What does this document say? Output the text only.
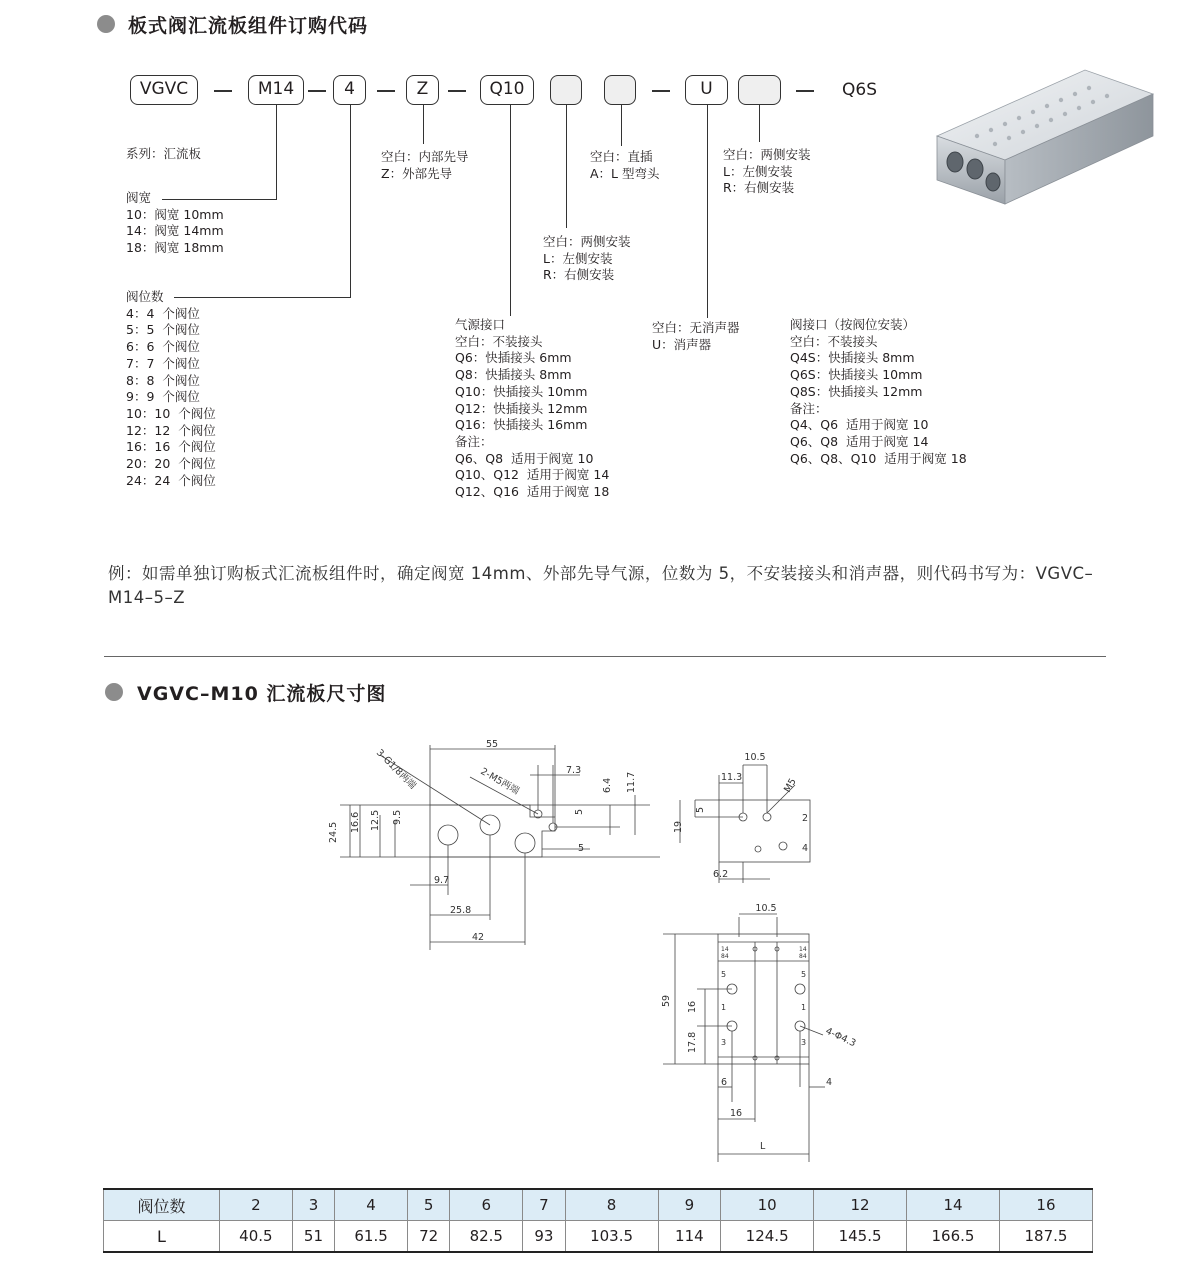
板式阀汇流板组件订购代码
VGVC	M14	4	Z	Q10	U	Q6S
系列：汇流板	空白：内部先导
Z：外部先导
空白：直插
A：L 型弯头
空白：两侧安装
L：左侧安装
R：右侧安装
阀宽
10：阀宽 10mm
14：阀宽 14mm
18：阀宽 18mm	空白：两侧安装
L：左侧安装
R：右侧安装
阀位数
4：4  个阀位
5：5  个阀位
6：6  个阀位
7：7  个阀位
8：8  个阀位
9：9  个阀位
10：10  个阀位
12：12  个阀位
16：16  个阀位
20：20  个阀位
24：24  个阀位
气源接口
空白：不装接头
Q6：快插接头 6mm
Q8：快插接头 8mm
Q10：快插接头 10mm
Q12：快插接头 12mm
Q16：快插接头 16mm
备注：
Q6、Q8  适用于阀宽 10
Q10、Q12  适用于阀宽 14
Q12、Q16  适用于阀宽 18
空白：无消声器
U：消声器
阀接口（按阀位安装）
空白：不装接头
Q4S：快插接头 8mm
Q6S：快插接头 10mm
Q8S：快插接头 12mm
备注：
Q4、Q6  适用于阀宽 10
Q6、Q8  适用于阀宽 14
Q6、Q8、Q10  适用于阀宽 18
例：如需单独订购板式汇流板组件时，确定阀宽 14mm、外部先导气源，位数为 5，不安装接头和消声器，则代码书写为：VGVC–M14–5–Z
VGVC–M10 汇流板尺寸图
55
7.3
6.4 11.7
5
5
24.5 16.6 12.5 9.5
9.7
25.8
42
3-G1/8两端	2-M5两端
10.5
11.3	M5
5
19
6.2
2
4
10.5
59 16
17.8
6	4
16
L
4-Φ4.3
14
84
14
84
5
1
3
5
1
3
阀位数	2	3	4	5	6	7	8	9	10	12	14	16
L	40.5	51	61.5	72	82.5	93	103.5	114	124.5	145.5	166.5	187.5
